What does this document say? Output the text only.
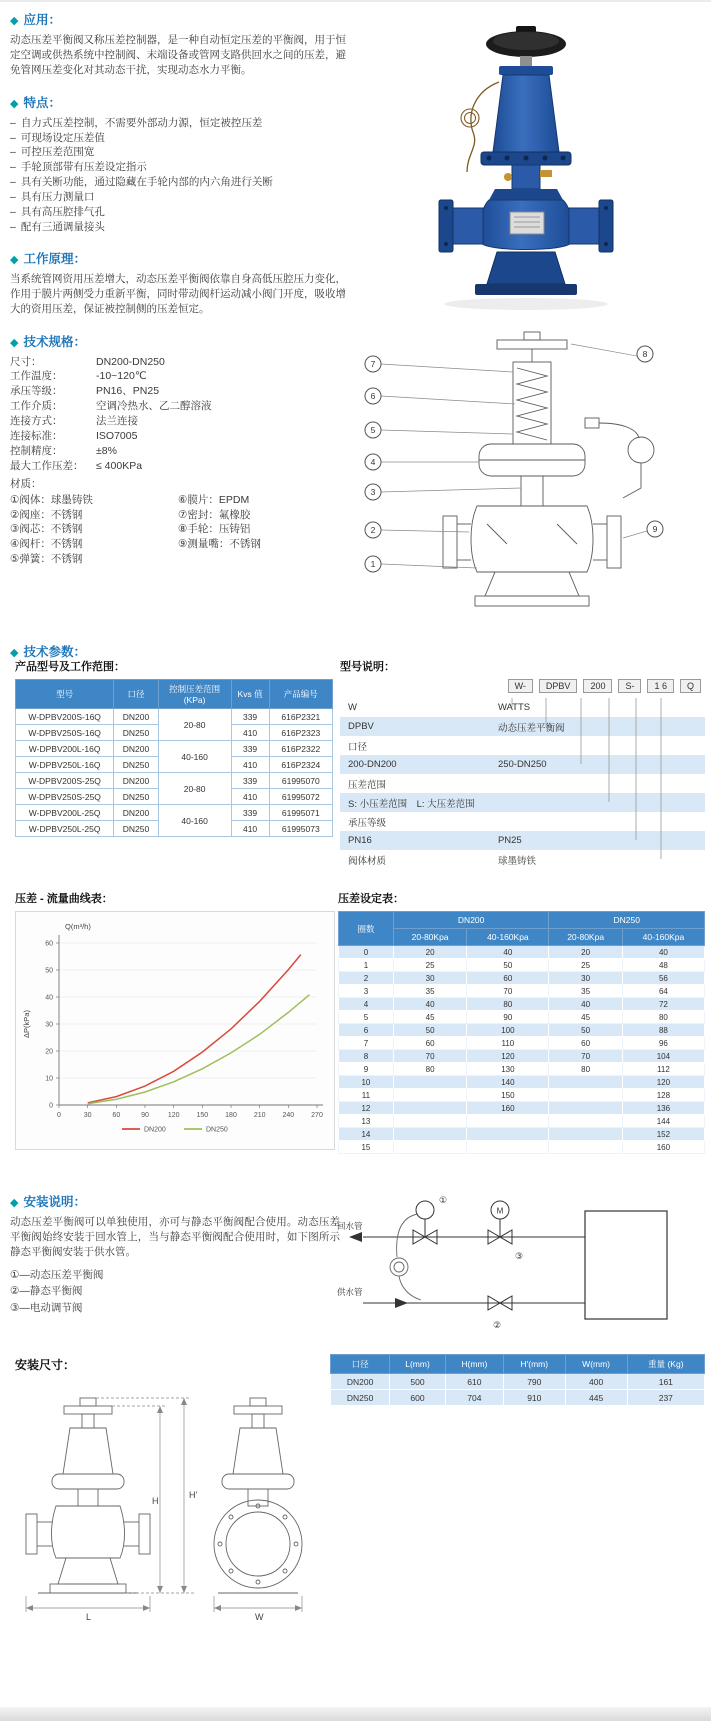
◆ 应用：
动态压差平衡阀又称压差控制器，是一种自动恒定压差的平衡阀，用于恒定空调或供热系统中控制阀、末端设备或管网支路供回水之间的压差，避免管网压差变化对其动态干扰，实现动态水力平衡。
◆ 特点：
– 自力式压差控制，不需要外部动力源，恒定被控压差
– 可现场设定压差值
– 可控压差范围宽
– 手轮顶部带有压差设定指示
– 具有关断功能，通过隐藏在手轮内部的内六角进行关断
– 具有压力测量口
– 具有高压腔排气孔
– 配有三通调量接头
◆ 工作原理：
当系统管网资用压差增大，动态压差平衡阀依靠自身高低压腔压力变化，作用于膜片两侧受力重新平衡，同时带动阀杆运动减小阀门开度，吸收增大的资用压差，保证被控制侧的压差恒定。
◆ 技术规格：
尺寸：	DN200-DN250
工作温度：	-10~120℃
承压等级：	PN16、PN25
工作介质：	空调冷热水、乙二醇溶液
连接方式：	法兰连接
连接标准：	ISO7005
控制精度：	±8%
最大工作压差：	≤ 400KPa
材质：
①阀体：球墨铸铁	⑥膜片：EPDM
②阀座：不锈钢	⑦密封：氟橡胶
③阀芯：不锈钢	⑧手轮：压铸铝
④阀杆：不锈钢	⑨测量嘴：不锈钢
⑤弹簧：不锈钢
7
6
5
4
3
2
1
8
9
◆ 技术参数：
产品型号及工作范围：
型号	口径	控制压差范围 (KPa)	Kvs 值	产品编号
W-DPBV200S-16Q	DN200	20-80	339	616P2321
W-DPBV250S-16Q	DN250		410	616P2323
W-DPBV200L-16Q	DN200	40-160	339	616P2322
W-DPBV250L-16Q	DN250		410	616P2324
W-DPBV200S-25Q	DN200	20-80	339	61995070
W-DPBV250S-25Q	DN250		410	61995072
W-DPBV200L-25Q	DN200	40-160	339	61995071
W-DPBV250L-25Q	DN250		410	61995073
型号说明：
W-	DPBV	200	S-	1 6	Q
W	WATTS
DPBV	动态压差平衡阀
口径
200-DN200	250-DN250
压差范围
S: 小压差范围　L: 大压差范围
承压等级
PN16	PN25
阀体材质	球墨铸铁
压差 - 流量曲线表：
0	30	60	90	120 150 180 210 240 270
0
10
20
30
40
50
60
Q(m³/h)
ΔP(kPa)
DN200	DN250
压差设定表：
圈数	DN200		DN250	
	20-80Kpa	40-160Kpa	20-80Kpa	40-160Kpa
0	20	40	20	40
1	25	50	25	48
2	30	60	30	56
3	35	70	35	64
4	40	80	40	72
5	45	90	45	80
6	50	100	50	88
7	60	110	60	96
8	70	120	70	104
9	80	130	80	112
10		140		120
11		150		128
12		160		136
13				144
14				152
15				160
◆ 安装说明：
动态压差平衡阀可以单独使用，亦可与静态平衡阀配合使用。动态压差平衡阀始终安装于回水管上，当与静态平衡阀配合使用时，如下图所示静态平衡阀安装于供水管。
①—动态压差平衡阀
②—静态平衡阀
③—电动调节阀
M
回水管
供水管
①
②
③
安装尺寸：	口径	L(mm)	H(mm)	H'(mm)	W(mm)	重量 (Kg)
DN200	500	610	790	400	161
DN250	600	704	910	445	237
H
H'
L	W
